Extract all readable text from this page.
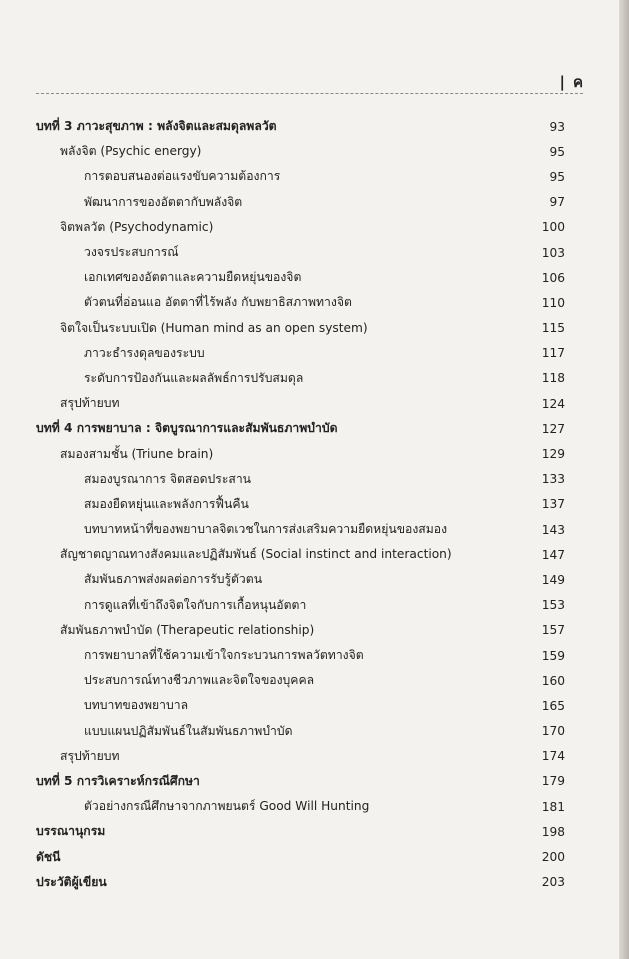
| ค
บทที่ 3 ภาวะสุขภาพ : พลังจิตและสมดุลพลวัต	93
พลังจิต (Psychic energy)	95
การตอบสนองต่อแรงขับความต้องการ	95
พัฒนาการของอัตตากับพลังจิต	97
จิตพลวัต (Psychodynamic)	100
วงจรประสบการณ์	103
เอกเทศของอัตตาและความยืดหยุ่นของจิต	106
ตัวตนที่อ่อนแอ อัตตาที่ไร้พลัง กับพยาธิสภาพทางจิต	110
จิตใจเป็นระบบเปิด (Human mind as an open system)	115
ภาวะธำรงดุลของระบบ	117
ระดับการป้องกันและผลลัพธ์การปรับสมดุล	118
สรุปท้ายบท	124
บทที่ 4 การพยาบาล : จิตบูรณาการและสัมพันธภาพบำบัด	127
สมองสามชั้น (Triune brain)	129
สมองบูรณาการ จิตสอดประสาน	133
สมองยืดหยุ่นและพลังการฟื้นคืน	137
บทบาทหน้าที่ของพยาบาลจิตเวชในการส่งเสริมความยืดหยุ่นของสมอง	143
สัญชาตญาณทางสังคมและปฏิสัมพันธ์ (Social instinct and interaction)	147
สัมพันธภาพส่งผลต่อการรับรู้ตัวตน	149
การดูแลที่เข้าถึงจิตใจกับการเกื้อหนุนอัตตา	153
สัมพันธภาพบำบัด (Therapeutic relationship)	157
การพยาบาลที่ใช้ความเข้าใจกระบวนการพลวัตทางจิต	159
ประสบการณ์ทางชีวภาพและจิตใจของบุคคล	160
บทบาทของพยาบาล	165
แบบแผนปฏิสัมพันธ์ในสัมพันธภาพบำบัด	170
สรุปท้ายบท	174
บทที่ 5 การวิเคราะห์กรณีศึกษา	179
ตัวอย่างกรณีศึกษาจากภาพยนตร์ Good Will Hunting	181
บรรณานุกรม	198
ดัชนี	200
ประวัติผู้เขียน	203
